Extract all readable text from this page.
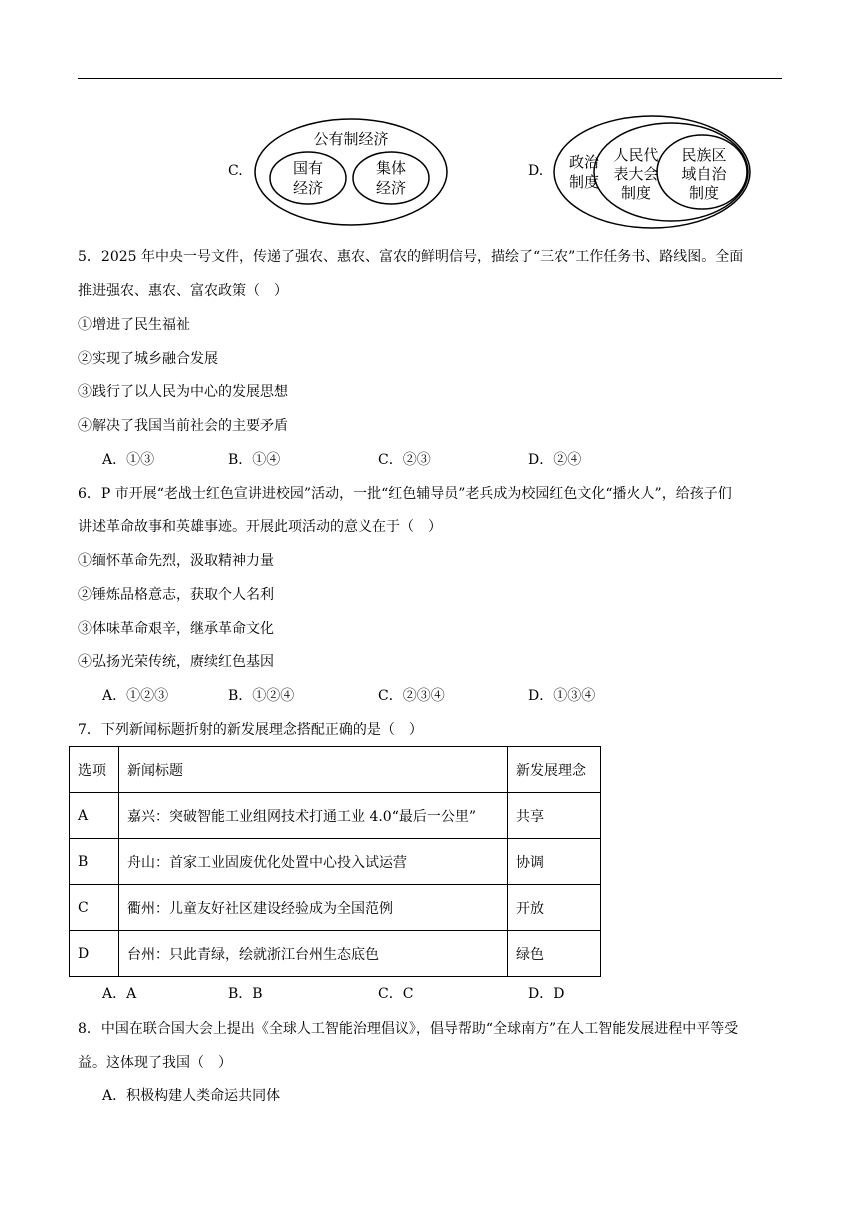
C.
公有制经济
国有
经济
集体
经济
D. 政治
制度
人民代
表大会
制度
民族区
域自治
制度
5．2025 年中央一号文件，传递了强农、惠农、富农的鲜明信号，描绘了“三农”工作任务书、路线图。全面
推进强农、惠农、富农政策（　）
①增进了民生福祉
②实现了城乡融合发展
③践行了以人民为中心的发展思想
④解决了我国当前社会的主要矛盾
A．①③	B．①④	C．②③	D．②④
6．P 市开展“老战士红色宣讲进校园”活动，一批“红色辅导员”老兵成为校园红色文化“播火人”，给孩子们
讲述革命故事和英雄事迹。开展此项活动的意义在于（　）
①缅怀革命先烈，汲取精神力量
②锤炼品格意志，获取个人名利
③体味革命艰辛，继承革命文化
④弘扬光荣传统，赓续红色基因
A．①②③	B．①②④	C．②③④	D．①③④
7．下列新闻标题折射的新发展理念搭配正确的是（　）
选项	新闻标题	新发展理念
A	嘉兴：突破智能工业组网技术打通工业 4.0“最后一公里”	共享
B	舟山：首家工业固废优化处置中心投入试运营	协调
C	衢州：儿童友好社区建设经验成为全国范例	开放
D	台州：只此青绿，绘就浙江台州生态底色	绿色
A．A	B．B	C．C	D．D
8．中国在联合国大会上提出《全球人工智能治理倡议》，倡导帮助“全球南方”在人工智能发展进程中平等受
益。这体现了我国（　）
A．积极构建人类命运共同体
